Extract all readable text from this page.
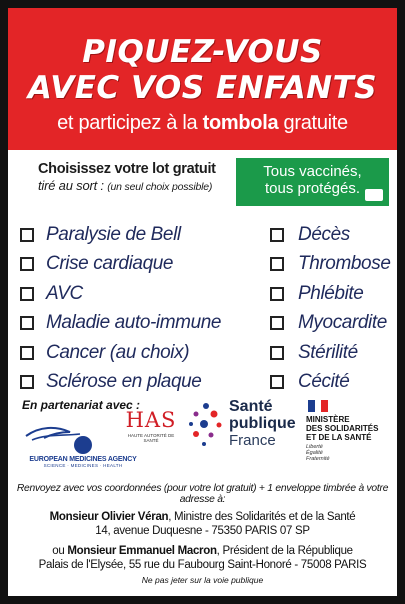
PIQUEZ-VOUS
AVEC VOS ENFANTS
et participez à la tombola gratuite
Choisissez votre lot gratuit
tiré au sort : (un seul choix possible)
Tous vaccinés,
tous protégés.
Paralysie de Bell
Crise cardiaque
AVC
Maladie auto-immune
Cancer (au choix)
Sclérose en plaque
Décès
Thrombose
Phlébite
Myocardite
Stérilité
Cécité
En partenariat avec :
EUROPEAN MEDICINES AGENCY
SCIENCE · MEDICINES · HEALTH
HAS
HAUTE AUTORITÉ DE SANTÉ
Santé
publique
France
MINISTÈRE
DES SOLIDARITÉS
ET DE LA SANTÉ
Liberté
Égalité
Fraternité
Renvoyez avec vos coordonnées (pour votre lot gratuit) + 1 enveloppe timbrée à votre adresse à:
Monsieur Olivier Véran, Ministre des Solidarités et de la Santé
14, avenue Duquesne - 75350 PARIS 07 SP
ou Monsieur Emmanuel Macron, Président de la République
Palais de l'Elysée, 55 rue du Faubourg Saint-Honoré - 75008 PARIS
Ne pas jeter sur la voie publique
